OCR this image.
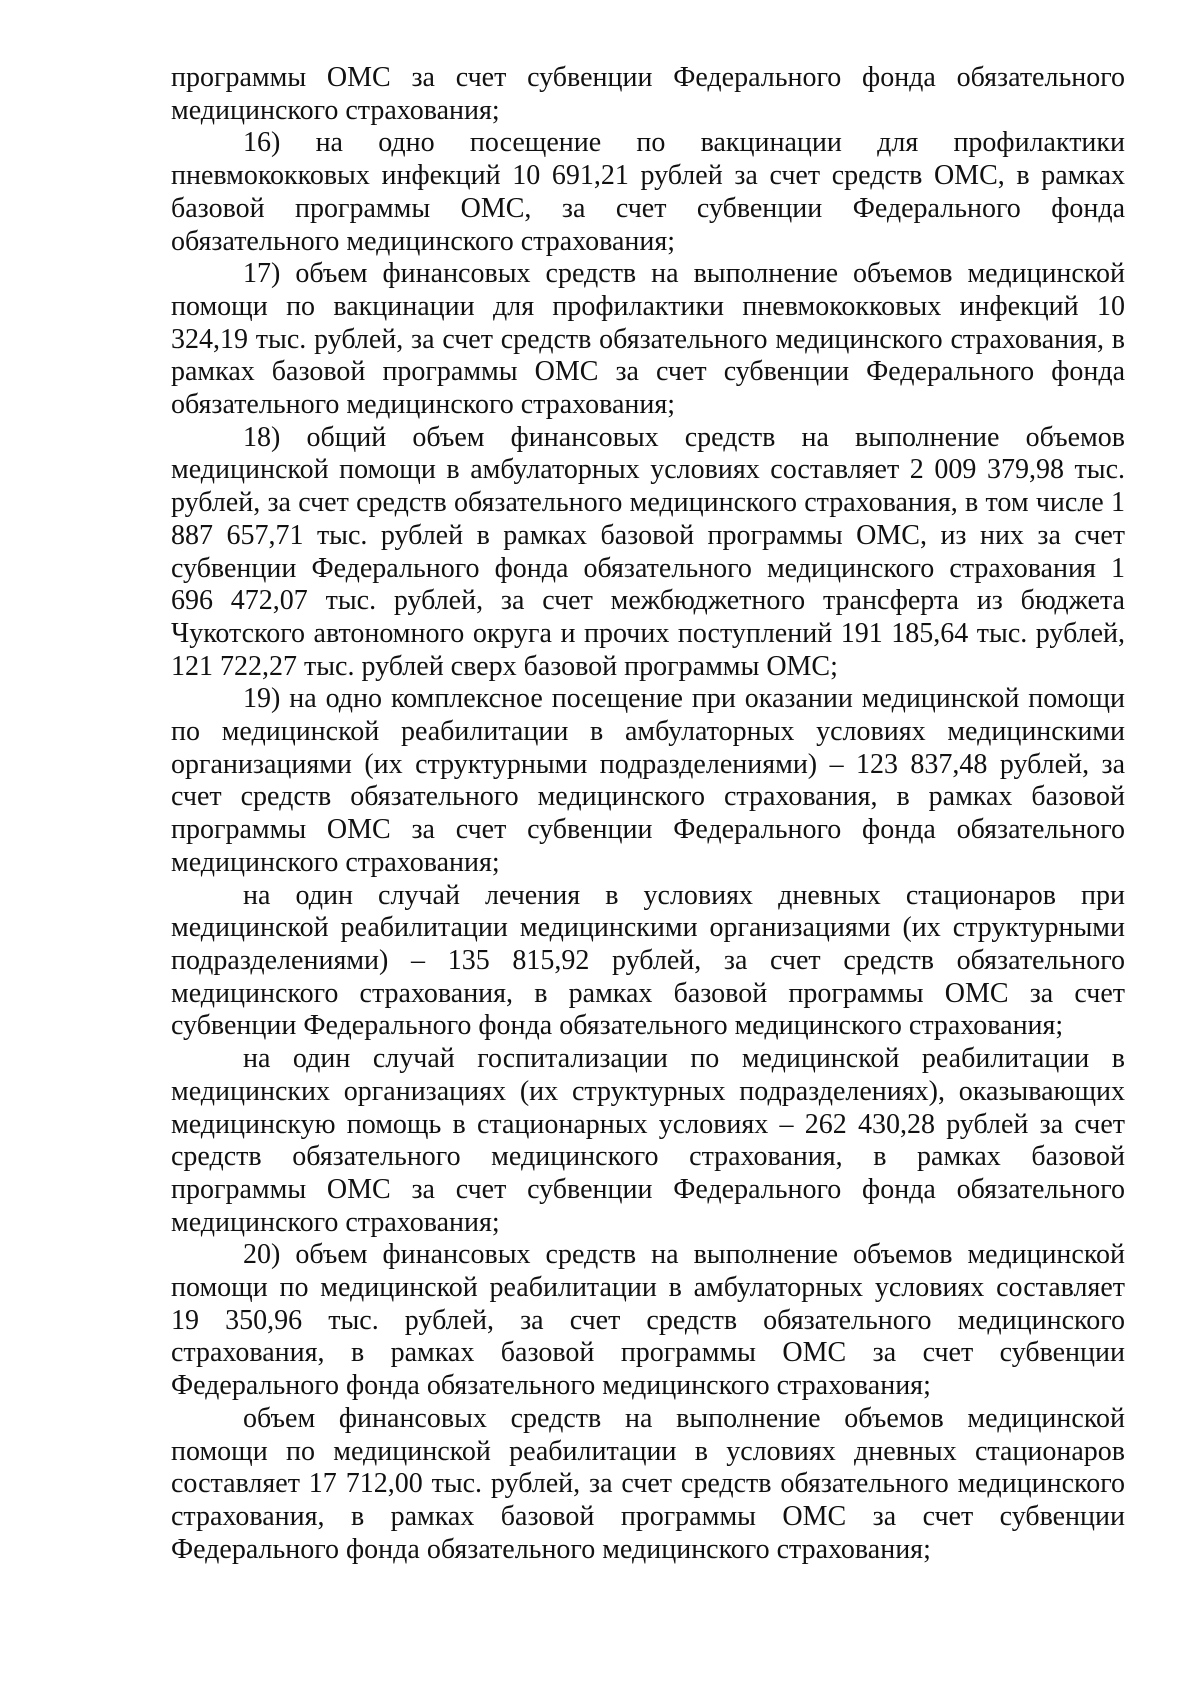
программы ОМС за счет субвенции Федерального фонда обязательного медицинского страхования;

16) на одно посещение по вакцинации для профилактики пневмококковых инфекций 10 691,21 рублей за счет средств ОМС, в рамках базовой программы ОМС, за счет субвенции Федерального фонда обязательного медицинского страхования;

17) объем финансовых средств на выполнение объемов медицинской помощи по вакцинации для профилактики пневмококковых инфекций 10 324,19 тыс. рублей, за счет средств обязательного медицинского страхования, в рамках базовой программы ОМС за счет субвенции Федерального фонда обязательного медицинского страхования;

18) общий объем финансовых средств на выполнение объемов медицинской помощи в амбулаторных условиях составляет 2 009 379,98 тыс. рублей, за счет средств обязательного медицинского страхования, в том числе 1 887 657,71 тыс. рублей в рамках базовой программы ОМС, из них за счет субвенции Федерального фонда обязательного медицинского страхования 1 696 472,07 тыс. рублей, за счет межбюджетного трансферта из бюджета Чукотского автономного округа и прочих поступлений 191 185,64 тыс. рублей, 121 722,27 тыс. рублей сверх базовой программы ОМС;

19) на одно комплексное посещение при оказании медицинской помощи по медицинской реабилитации в амбулаторных условиях медицинскими организациями (их структурными подразделениями) – 123 837,48 рублей, за счет средств обязательного медицинского страхования, в рамках базовой программы ОМС за счет субвенции Федерального фонда обязательного медицинского страхования;

на один случай лечения в условиях дневных стационаров при медицинской реабилитации медицинскими организациями (их структурными подразделениями) – 135 815,92 рублей, за счет средств обязательного медицинского страхования, в рамках базовой программы ОМС за счет субвенции Федерального фонда обязательного медицинского страхования;

на один случай госпитализации по медицинской реабилитации в медицинских организациях (их структурных подразделениях), оказывающих медицинскую помощь в стационарных условиях – 262 430,28 рублей за счет средств обязательного медицинского страхования, в рамках базовой программы ОМС за счет субвенции Федерального фонда обязательного медицинского страхования;

20) объем финансовых средств на выполнение объемов медицинской помощи по медицинской реабилитации в амбулаторных условиях составляет 19 350,96 тыс. рублей, за счет средств обязательного медицинского страхования, в рамках базовой программы ОМС за счет субвенции Федерального фонда обязательного медицинского страхования;

объем финансовых средств на выполнение объемов медицинской помощи по медицинской реабилитации в условиях дневных стационаров составляет 17 712,00 тыс. рублей, за счет средств обязательного медицинского страхования, в рамках базовой программы ОМС за счет субвенции Федерального фонда обязательного медицинского страхования;
